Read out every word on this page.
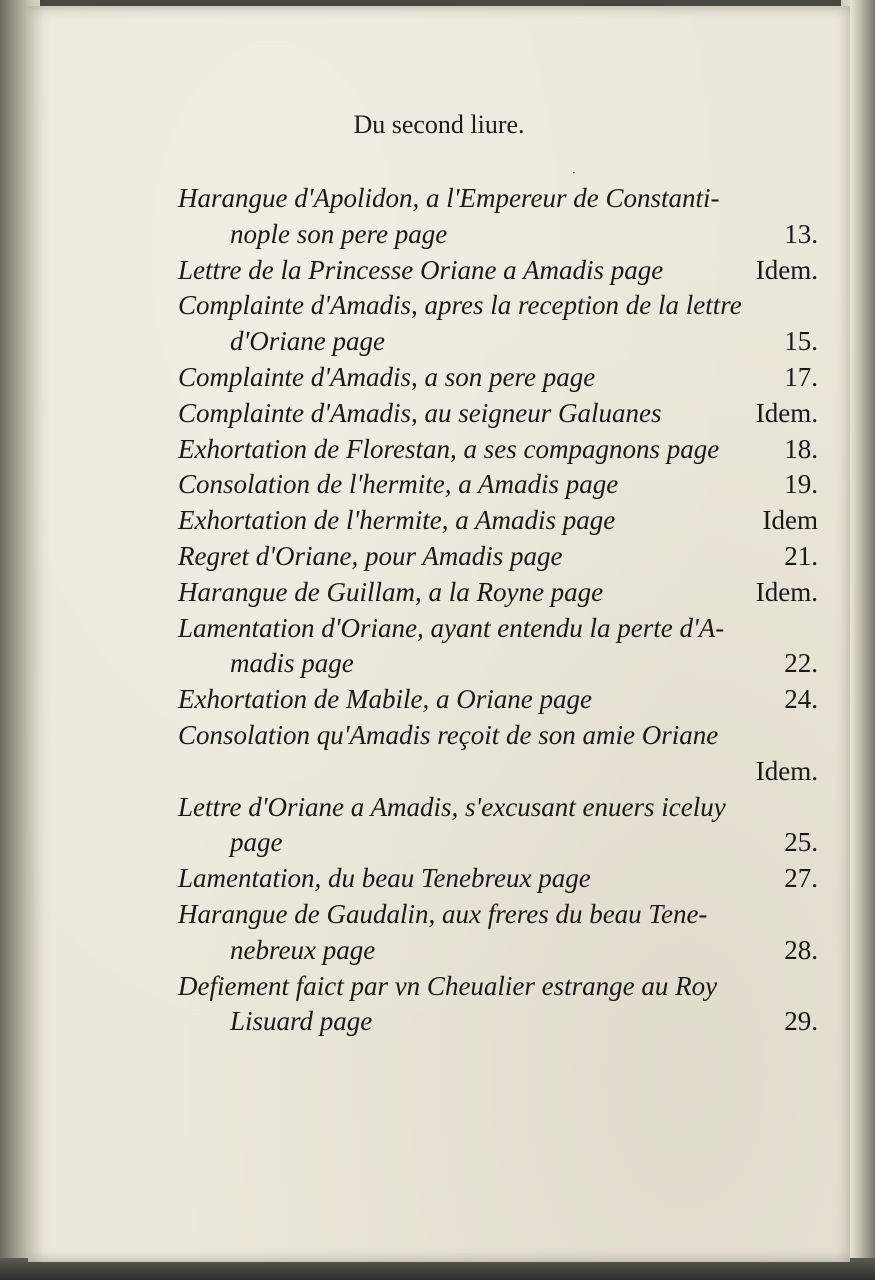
Du second liure.
·
Harangue d'Apolidon, a l'Empereur de Constanti-
nople son pere page	13.
Lettre de la Princesse Oriane a Amadis page	Idem.
Complainte d'Amadis, apres la reception de la lettre
d'Oriane page	15.
Complainte d'Amadis, a son pere page	17.
Complainte d'Amadis, au seigneur Galuanes	Idem.
Exhortation de Florestan, a ses compagnons page 18.
Consolation de l'hermite, a Amadis page	19.
Exhortation de l'hermite, a Amadis page	Idem
Regret d'Oriane, pour Amadis page	21.
Harangue de Guillam, a la Royne page	Idem.
Lamentation d'Oriane, ayant entendu la perte d'A-
madis page	22.
Exhortation de Mabile, a Oriane page	24.
Consolation qu'Amadis reçoit de son amie Oriane
Idem.
Lettre d'Oriane a Amadis, s'excusant enuers iceluy
page	25.
Lamentation, du beau Tenebreux page	27.
Harangue de Gaudalin, aux freres du beau Tene-
nebreux page	28.
Defiement faict par vn Cheualier estrange au Roy
Lisuard page	29.
